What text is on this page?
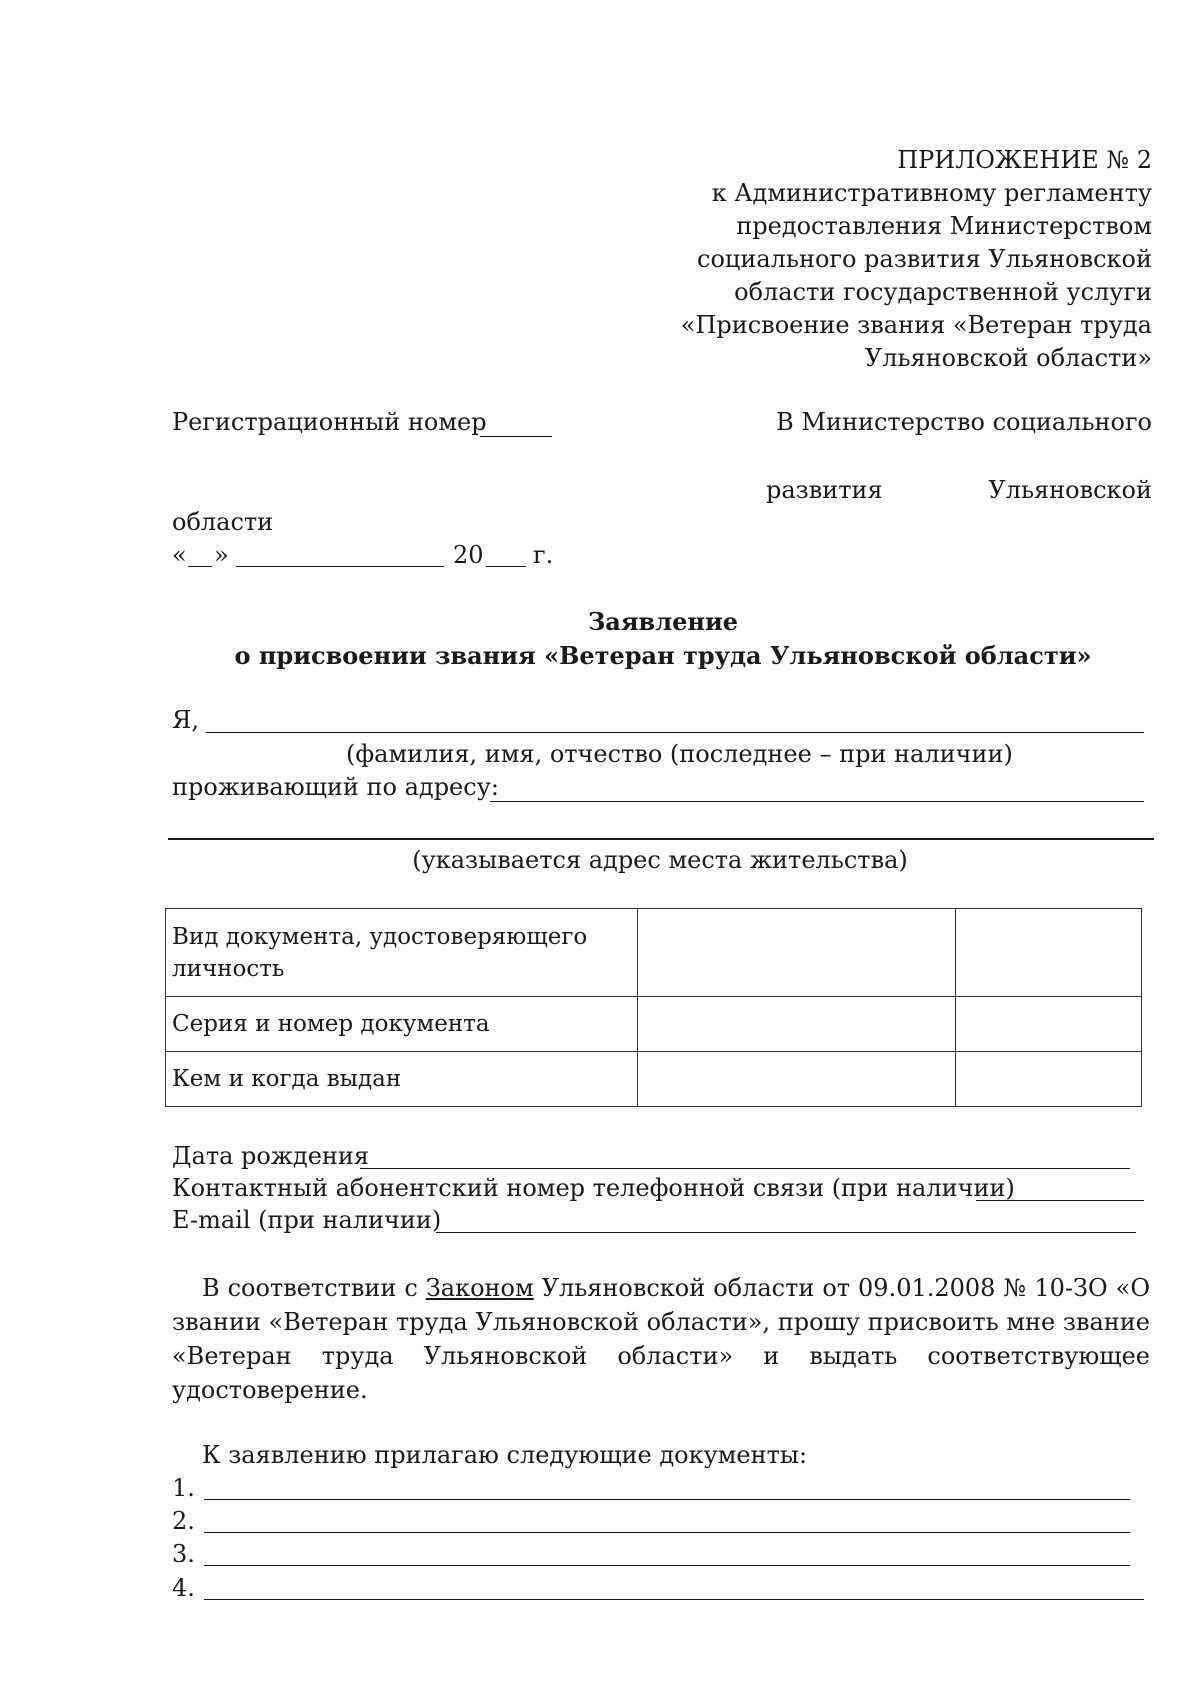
ПРИЛОЖЕНИЕ № 2
к Административному регламенту
предоставления Министерством
социального развития Ульяновской
области государственной услуги
«Присвоение звания «Ветеран труда
Ульяновской области»
Регистрационный номер	В Министерство социального
развития	Ульяновской
области
« »	20 г.
Заявление
о присвоении звания «Ветеран труда Ульяновской области»
Я,
(фамилия, имя, отчество (последнее – при наличии)
проживающий по адресу:
(указывается адрес места жительства)
Вид документа, удостоверяющего
личность		
Серия и номер документа		
Кем и когда выдан		
Дата рождения
Контактный абонентский номер телефонной связи (при наличии)
E-mail (при наличии)
В соответствии с Законом Ульяновской области от 09.01.2008 № 10-ЗО «О
звании «Ветеран труда Ульяновской области», прошу присвоить мне звание
«Ветеран труда Ульяновской области» и выдать соответствующее
удостоверение.
К заявлению прилагаю следующие документы:
1.
2.
3.
4.
